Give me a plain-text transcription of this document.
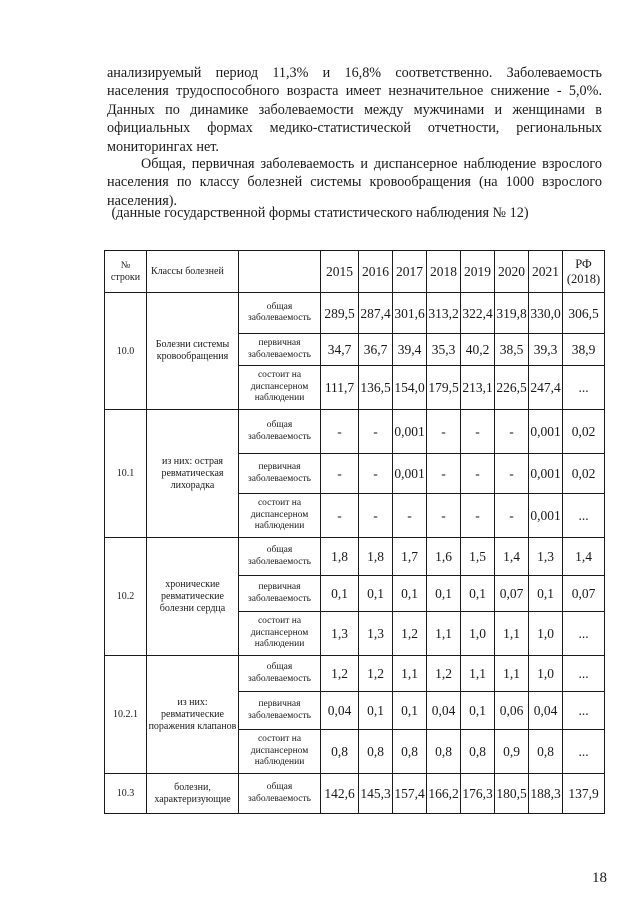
анализируемый период 11,3% и 16,8% соответственно. Заболеваемость населения трудоспособного возраста имеет незначительное снижение - 5,0%. Данных по динамике заболеваемости между мужчинами и женщинами в официальных формах медико-статистической отчетности, региональных мониторингах нет.
Общая, первичная заболеваемость и диспансерное наблюдение взрослого населения по классу болезней системы кровообращения (на 1000 взрослого населения).
(данные государственной формы статистического наблюдения № 12)
№ строки	Классы болезней		2015	2016	2017	2018	2019	2020	2021	РФ (2018)
10.0	Болезни системы кровообращения	общая заболеваемость	289,5	287,4	301,6	313,2	322,4	319,8	330,0	306,5
		первичная заболеваемость	34,7	36,7	39,4	35,3	40,2	38,5	39,3	38,9
		состоит на диспансерном наблюдении	111,7	136,5	154,0	179,5	213,1	226,5	247,4	...
10.1	из них: острая ревматическая лихорадка	общая заболеваемость	-	-	0,001	-	-	-	0,001	0,02
		первичная заболеваемость	-	-	0,001	-	-	-	0,001	0,02
		состоит на диспансерном наблюдении	-	-	-	-	-	-	0,001	...
10.2	хронические ревматические болезни сердца	общая заболеваемость	1,8	1,8	1,7	1,6	1,5	1,4	1,3	1,4
		первичная заболеваемость	0,1	0,1	0,1	0,1	0,1	0,07	0,1	0,07
		состоит на диспансерном наблюдении	1,3	1,3	1,2	1,1	1,0	1,1	1,0	...
10.2.1	из них: ревматические поражения клапанов	общая заболеваемость	1,2	1,2	1,1	1,2	1,1	1,1	1,0	...
		первичная заболеваемость	0,04	0,1	0,1	0,04	0,1	0,06	0,04	...
		состоит на диспансерном наблюдении	0,8	0,8	0,8	0,8	0,8	0,9	0,8	...
10.3	болезни, характеризующие	общая заболеваемость	142,6	145,3	157,4	166,2	176,3	180,5	188,3	137,9
18
